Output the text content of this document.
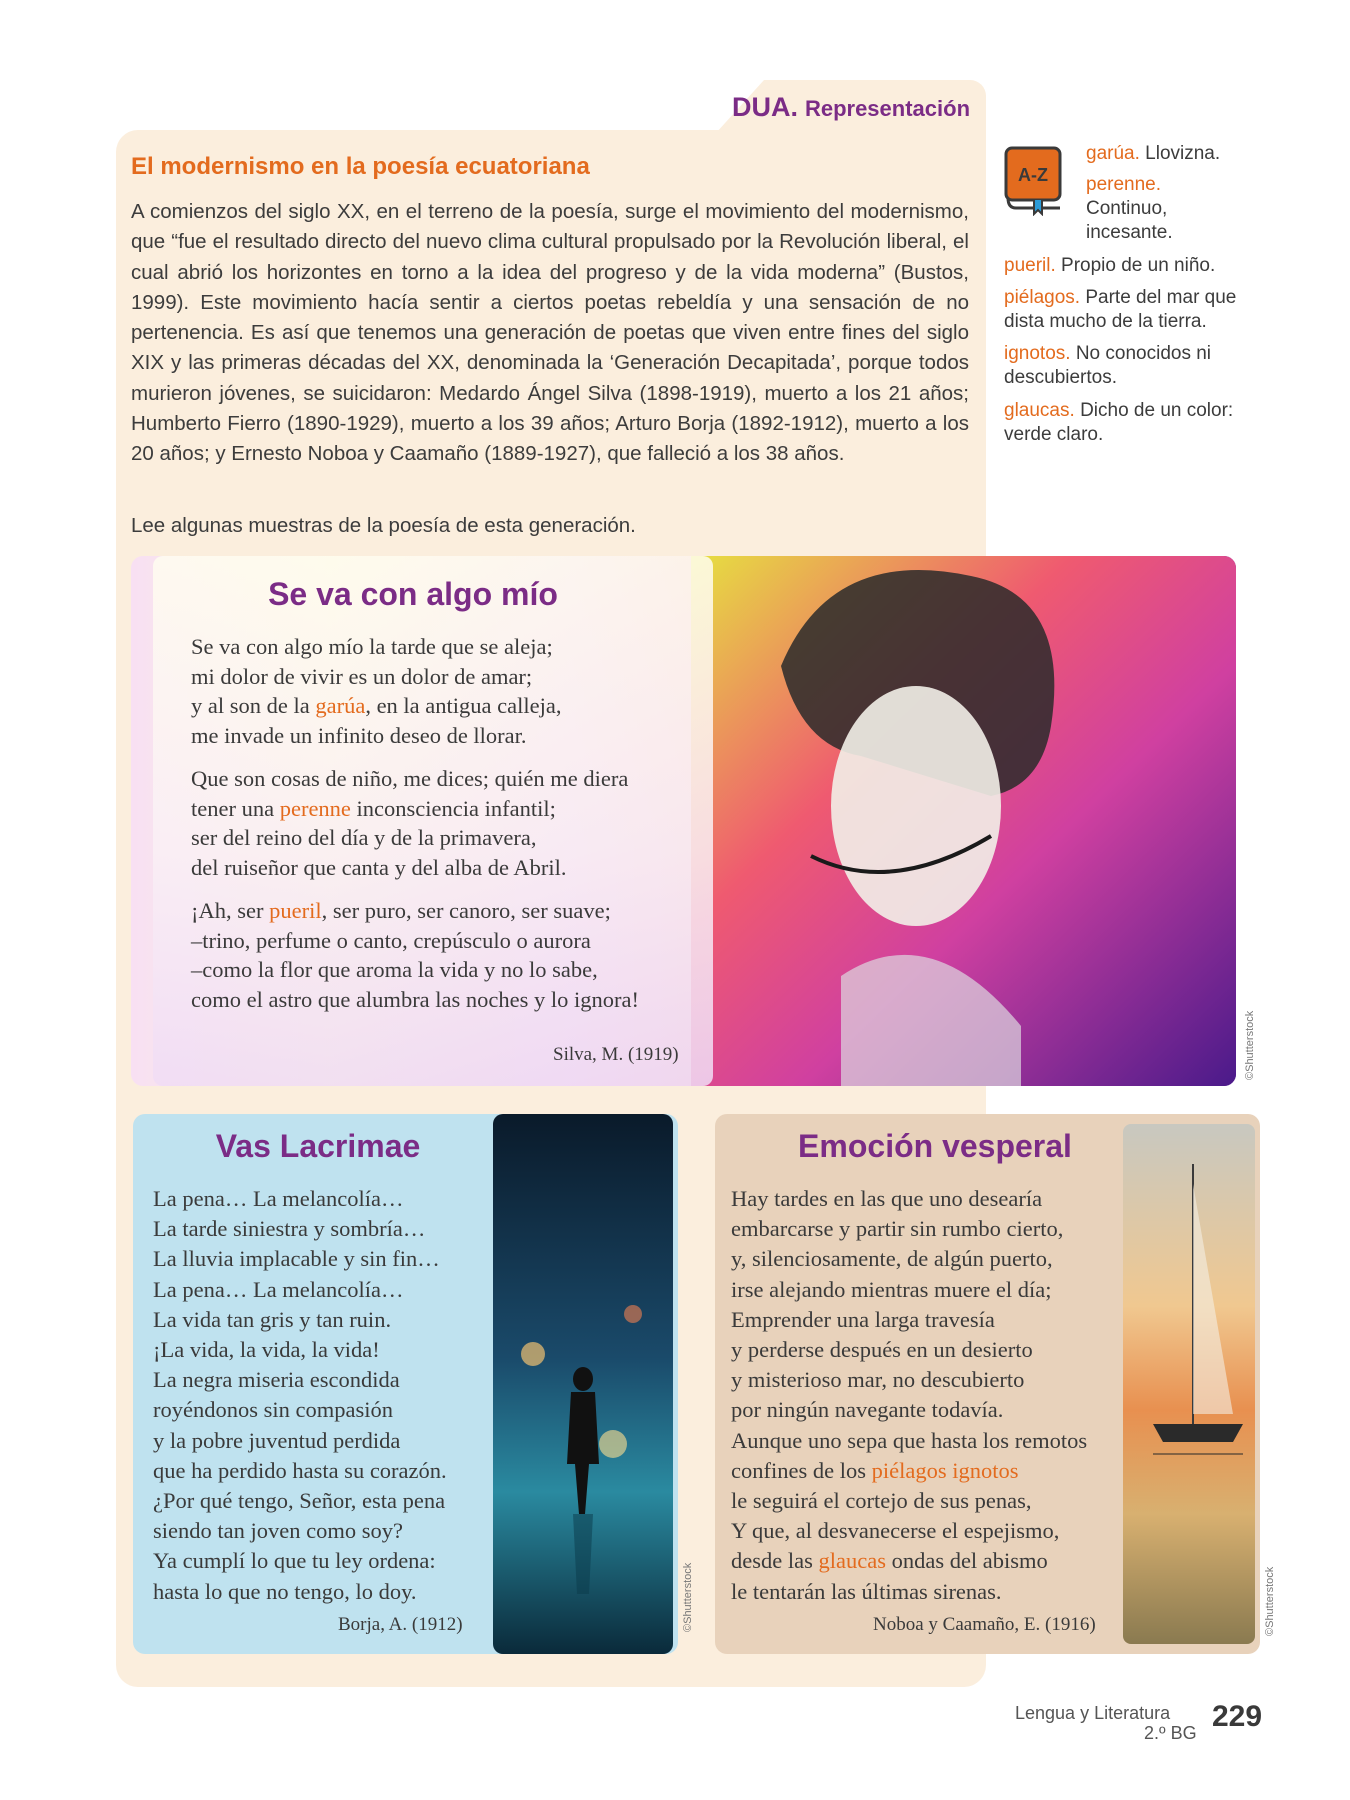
DUA. Representación
El modernismo en la poesía ecuatoriana

A comienzos del siglo XX, en el terreno de la poesía, surge el movimiento del modernismo, que “fue el resultado directo del nuevo clima cultural propulsado por la Revolución liberal, el cual abrió los horizontes en torno a la idea del progreso y de la vida moderna” (Bustos, 1999). Este movimiento hacía sentir a ciertos poetas rebeldía y una sensación de no pertenencia. Es así que tenemos una generación de poetas que viven entre fines del siglo XIX y las primeras décadas del XX, denominada la ‘Generación Decapitada’, porque todos murieron jóvenes, se suicidaron: Medardo Ángel Silva (1898-1919), muerto a los 21 años; Humberto Fierro (1890-1929), muerto a los 39 años; Arturo Borja (1892-1912), muerto a los 20 años; y Ernesto Noboa y Caamaño (1889-1927), que falleció a los 38 años.

Lee algunas muestras de la poesía de esta generación.

A-Z
garúa. Llovizna.
perenne.
Continuo, incesante.
pueril. Propio de un niño.
piélagos. Parte del mar que dista mucho de la tierra.
ignotos. No conocidos ni descubiertos.
glaucas. Dicho de un color: verde claro.
Se va con algo mío

Se va con algo mío la tarde que se aleja;
mi dolor de vivir es un dolor de amar;
y al son de la garúa, en la antigua calleja,
me invade un infinito deseo de llorar.

Que son cosas de niño, me dices; quién me diera
tener una perenne inconsciencia infantil;
ser del reino del día y de la primavera,
del ruiseñor que canta y del alba de Abril.

¡Ah, ser pueril, ser puro, ser canoro, ser suave;
–trino, perfume o canto, crepúsculo o aurora
–como la flor que aroma la vida y no lo sabe,
como el astro que alumbra las noches y lo ignora!

Silva, M. (1919)	©Shutterstock
Vas Lacrimae
La pena… La melancolía…
La tarde siniestra y sombría…
La lluvia implacable y sin fin…
La pena… La melancolía…
La vida tan gris y tan ruin.
¡La vida, la vida, la vida!
La negra miseria escondida
royéndonos sin compasión
y la pobre juventud perdida
que ha perdido hasta su corazón.
¿Por qué tengo, Señor, esta pena
siendo tan joven como soy?
Ya cumplí lo que tu ley ordena:
hasta lo que no tengo, lo doy.
Borja, A. (1912)	©Shutterstock
Emoción vesperal
Hay tardes en las que uno desearía
embarcarse y partir sin rumbo cierto,
y, silenciosamente, de algún puerto,
irse alejando mientras muere el día;
Emprender una larga travesía
y perderse después en un desierto
y misterioso mar, no descubierto
por ningún navegante todavía.
Aunque uno sepa que hasta los remotos
confines de los piélagos ignotos
le seguirá el cortejo de sus penas,
Y que, al desvanecerse el espejismo,
desde las glaucas ondas del abismo
le tentarán las últimas sirenas.
Noboa y Caamaño, E. (1916)	©Shutterstock
Lengua y Literatura
2.º BG 229
